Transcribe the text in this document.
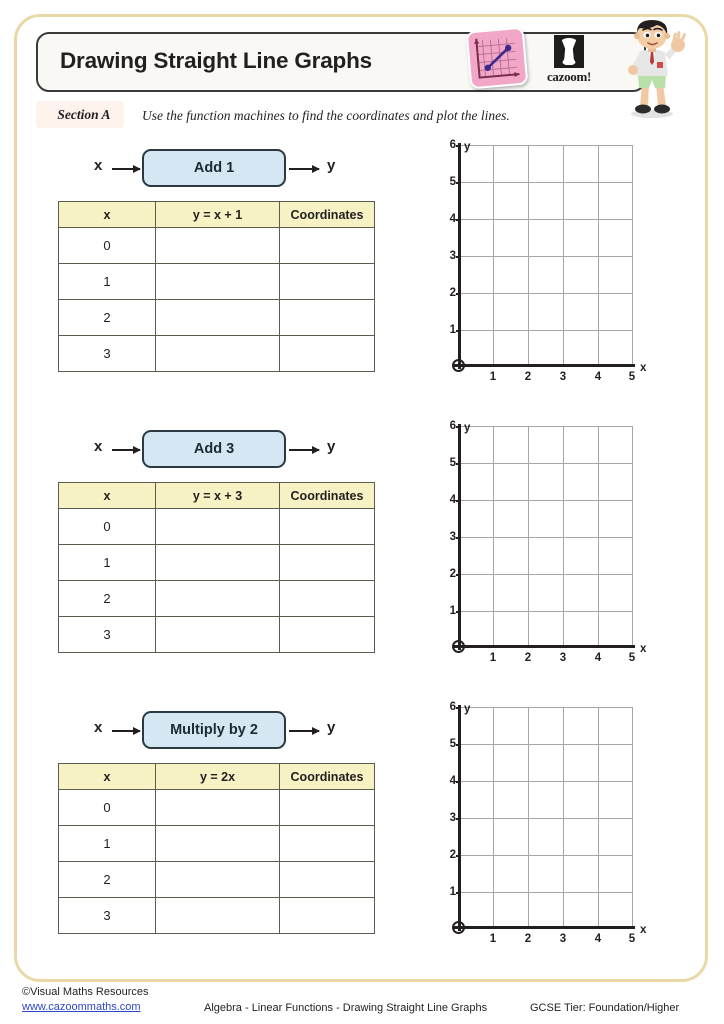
Drawing Straight Line Graphs
cazoom!
Section A	Use the function machines to find the coordinates and plot the lines.
x	Add 1	y
x	y = x + 1	Coordinates
0		
1		
2		
3		
6
5
4
3
2
1
1 2 3 4 5
y
x
x	Add 3	y
x	y = x + 3	Coordinates
0		
1		
2		
3		
6
5
4
3
2
1
1 2 3 4 5
y
x
x	Multiply by 2	y
x	y = 2x	Coordinates
0		
1		
2		
3		
6
5
4
3
2
1
1 2 3 4 5
y
x
©Visual Maths Resources
www.cazoommaths.com	Algebra - Linear Functions - Drawing Straight Line Graphs	GCSE Tier: Foundation/Higher
